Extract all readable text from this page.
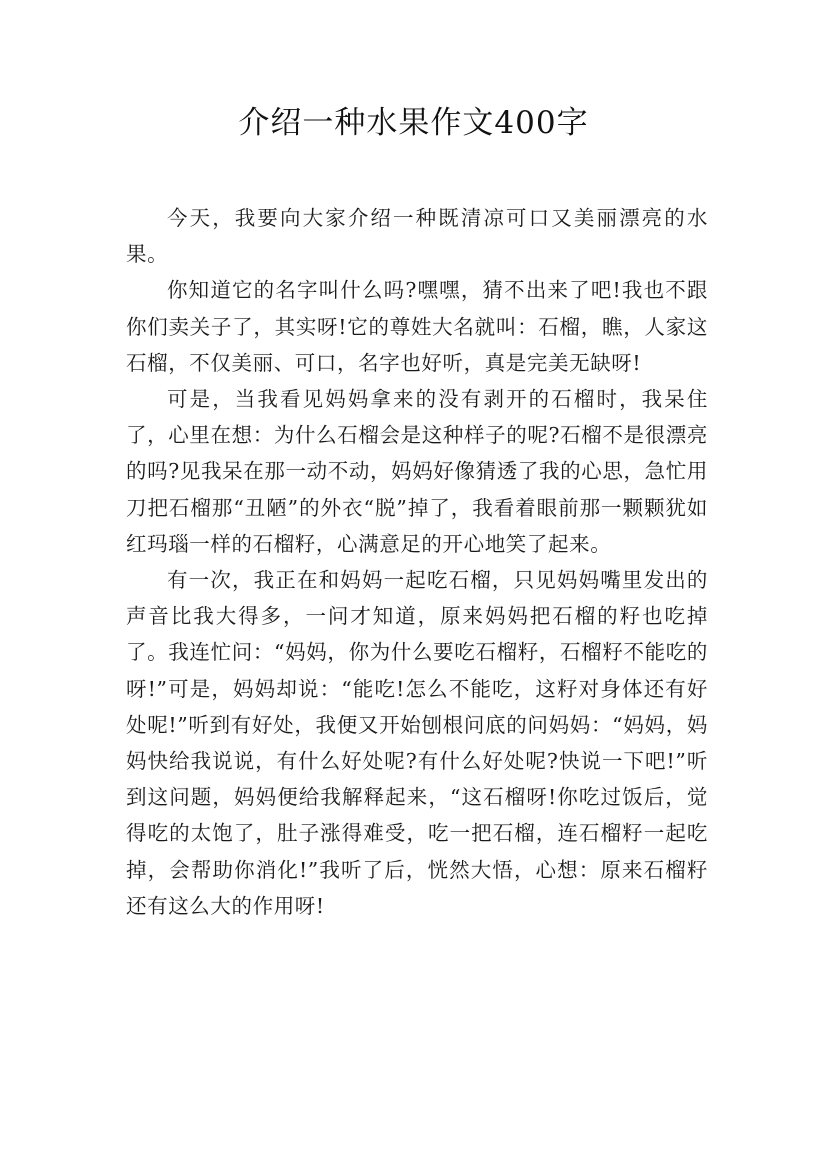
介绍一种水果作文400字

今天，我要向大家介绍一种既清凉可口又美丽漂亮的水果。

你知道它的名字叫什么吗?嘿嘿，猜不出来了吧!我也不跟你们卖关子了，其实呀!它的尊姓大名就叫：石榴，瞧，人家这石榴，不仅美丽、可口，名字也好听，真是完美无缺呀!

可是，当我看见妈妈拿来的没有剥开的石榴时，我呆住了，心里在想：为什么石榴会是这种样子的呢?石榴不是很漂亮的吗?见我呆在那一动不动，妈妈好像猜透了我的心思，急忙用刀把石榴那“丑陋”的外衣“脱”掉了，我看着眼前那一颗颗犹如红玛瑙一样的石榴籽，心满意足的开心地笑了起来。

有一次，我正在和妈妈一起吃石榴，只见妈妈嘴里发出的声音比我大得多，一问才知道，原来妈妈把石榴的籽也吃掉了。我连忙问：“妈妈，你为什么要吃石榴籽，石榴籽不能吃的呀!”可是，妈妈却说：“能吃!怎么不能吃，这籽对身体还有好处呢!”听到有好处，我便又开始刨根问底的问妈妈：“妈妈，妈妈快给我说说，有什么好处呢?有什么好处呢?快说一下吧!”听到这问题，妈妈便给我解释起来，“这石榴呀!你吃过饭后，觉得吃的太饱了，肚子涨得难受，吃一把石榴，连石榴籽一起吃掉，会帮助你消化!”我听了后，恍然大悟，心想：原来石榴籽还有这么大的作用呀!
